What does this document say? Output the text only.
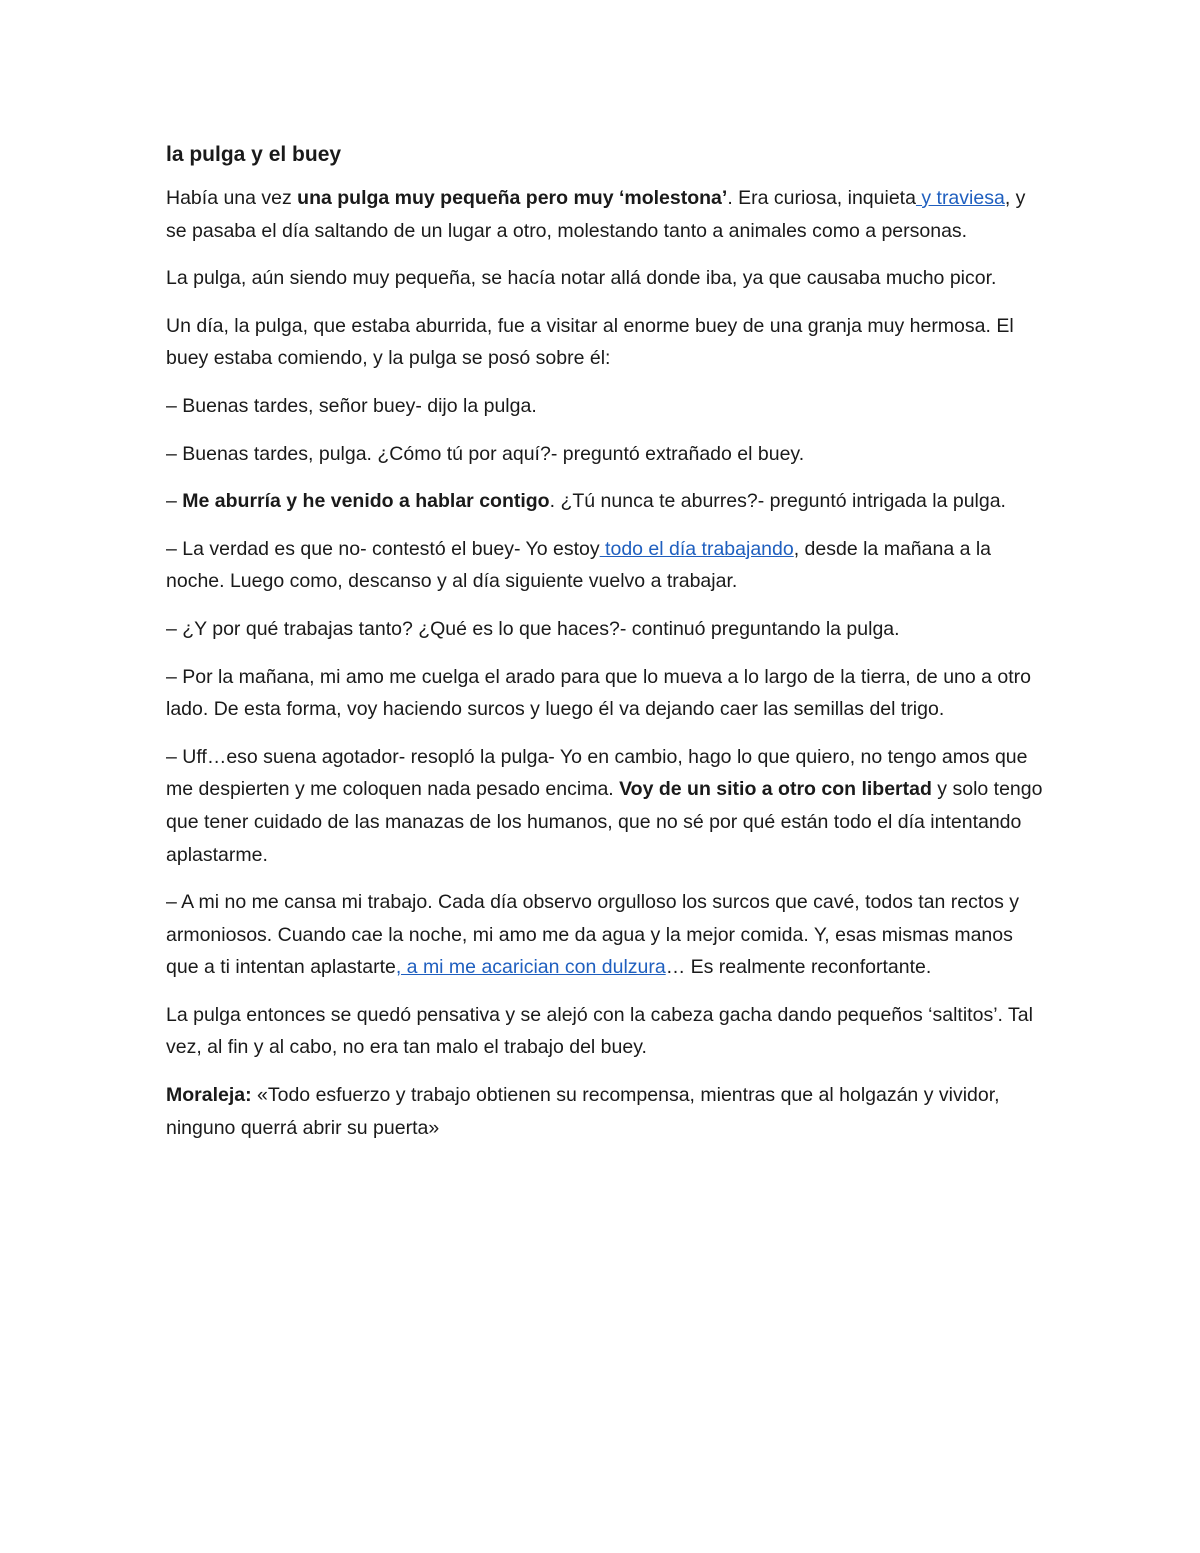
la pulga y el buey

Había una vez una pulga muy pequeña pero muy ‘molestona’. Era curiosa, inquieta y traviesa, y se pasaba el día saltando de un lugar a otro, molestando tanto a animales como a personas.

La pulga, aún siendo muy pequeña, se hacía notar allá donde iba, ya que causaba mucho picor.

Un día, la pulga, que estaba aburrida, fue a visitar al enorme buey de una granja muy hermosa. El buey estaba comiendo, y la pulga se posó sobre él:

– Buenas tardes, señor buey- dijo la pulga.

– Buenas tardes, pulga. ¿Cómo tú por aquí?- preguntó extrañado el buey.

– Me aburría y he venido a hablar contigo. ¿Tú nunca te aburres?- preguntó intrigada la pulga.

– La verdad es que no- contestó el buey- Yo estoy todo el día trabajando, desde la mañana a la noche. Luego como, descanso y al día siguiente vuelvo a trabajar.

– ¿Y por qué trabajas tanto? ¿Qué es lo que haces?- continuó preguntando la pulga.

– Por la mañana, mi amo me cuelga el arado para que lo mueva a lo largo de la tierra, de uno a otro lado. De esta forma, voy haciendo surcos y luego él va dejando caer las semillas del trigo.

– Uff…eso suena agotador- resopló la pulga- Yo en cambio, hago lo que quiero, no tengo amos que me despierten y me coloquen nada pesado encima. Voy de un sitio a otro con libertad y solo tengo que tener cuidado de las manazas de los humanos, que no sé por qué están todo el día intentando aplastarme.

– A mi no me cansa mi trabajo. Cada día observo orgulloso los surcos que cavé, todos tan rectos y armoniosos. Cuando cae la noche, mi amo me da agua y la mejor comida. Y, esas mismas manos que a ti intentan aplastarte, a mi me acarician con dulzura… Es realmente reconfortante.

La pulga entonces se quedó pensativa y se alejó con la cabeza gacha dando pequeños ‘saltitos’. Tal vez, al fin y al cabo, no era tan malo el trabajo del buey.

Moraleja: «Todo esfuerzo y trabajo obtienen su recompensa, mientras que al holgazán y vividor, ninguno querrá abrir su puerta»
